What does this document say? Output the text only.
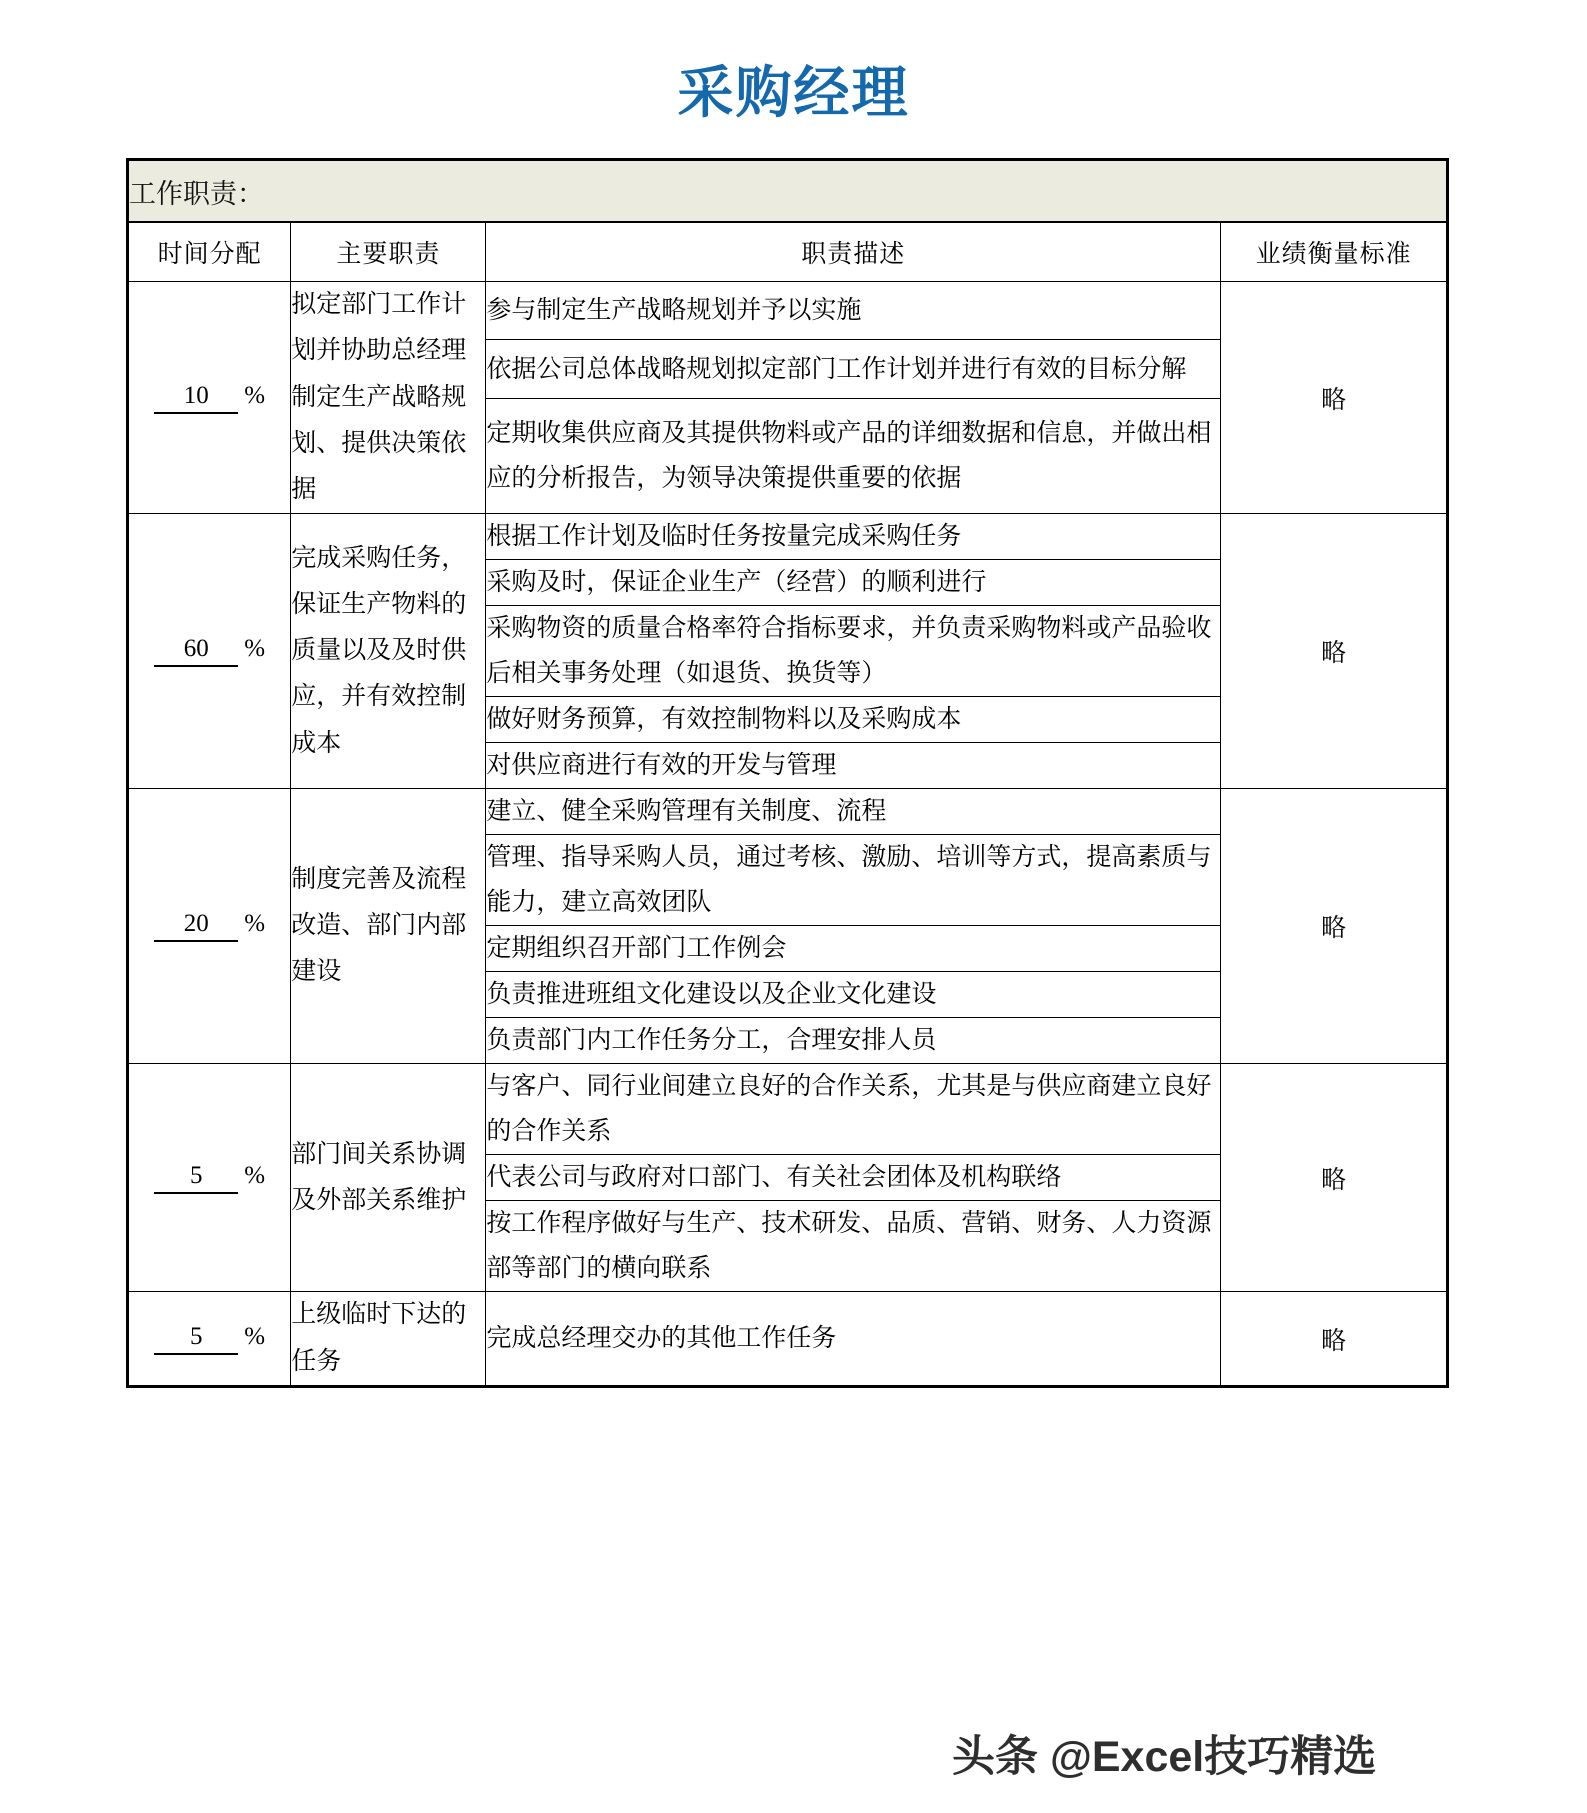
采购经理
工作职责：			
时间分配	主要职责	职责描述	业绩衡量标准
10 %	拟定部门工作计划并协助总经理制定生产战略规划、提供决策依据	参与制定生产战略规划并予以实施	略
		依据公司总体战略规划拟定部门工作计划并进行有效的目标分解	
		定期收集供应商及其提供物料或产品的详细数据和信息，并做出相应的分析报告，为领导决策提供重要的依据	
60 %	完成采购任务，保证生产物料的质量以及及时供应，并有效控制成本	根据工作计划及临时任务按量完成采购任务	略
		采购及时，保证企业生产（经营）的顺利进行	
		采购物资的质量合格率符合指标要求，并负责采购物料或产品验收后相关事务处理（如退货、换货等）	
		做好财务预算，有效控制物料以及采购成本	
		对供应商进行有效的开发与管理	
20 %	制度完善及流程改造、部门内部建设	建立、健全采购管理有关制度、流程	略
		管理、指导采购人员，通过考核、激励、培训等方式，提高素质与能力，建立高效团队	
		定期组织召开部门工作例会	
		负责推进班组文化建设以及企业文化建设	
		负责部门内工作任务分工，合理安排人员	
5 %	部门间关系协调及外部关系维护	与客户、同行业间建立良好的合作关系，尤其是与供应商建立良好的合作关系	略
		代表公司与政府对口部门、有关社会团体及机构联络	
		按工作程序做好与生产、技术研发、品质、营销、财务、人力资源部等部门的横向联系	
5 %	上级临时下达的任务	完成总经理交办的其他工作任务	略
头条 @Excel技巧精选
